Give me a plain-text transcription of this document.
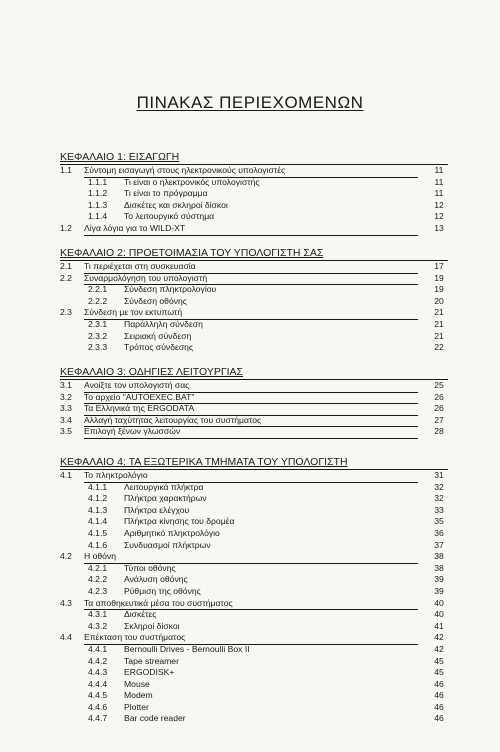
ΠΙΝΑΚΑΣ ΠΕΡΙΕΧΟΜΕΝΩΝ
ΚΕΦΑΛΑΙΟ 1: ΕΙΣΑΓΩΓΗ
1.1 Σύντομη εισαγωγή στους ηλεκτρονικούς υπολογιστές	11
1.1.1 Τι είναι ο ηλεκτρονικός υπολογιστής	11
1.1.2 Τι είναι το πρόγραμμα	11
1.1.3 Δισκέτες και σκληροί δίσκοι	12
1.1.4 Το λειτουργικό σύστημα	12
1.2 Λίγα λόγια για το WILD-XT	13
ΚΕΦΑΛΑΙΟ 2: ΠΡΟΕΤΟΙΜΑΣΙΑ ΤΟΥ ΥΠΟΛΟΓΙΣΤΗ ΣΑΣ
2.1 Τι περιέχεται στη συσκευασία	17
2.2 Συναρμολόγηση του υπολογιστή	19
2.2.1 Σύνδεση πληκτρολογίου	19
2.2.2 Σύνδεση οθόνης	20
2.3 Σύνδεση με τον εκτυπωτή	21
2.3.1 Παράλληλη σύνδεση	21
2.3.2 Σειριακή σύνδεση	21
2.3.3 Τρόπος σύνδεσης	22
ΚΕΦΑΛΑΙΟ 3: ΟΔΗΓΙΕΣ ΛΕΙΤΟΥΡΓΙΑΣ
3.1 Ανοίξτε τον υπολογιστή σας	25
3.2 Το αρχείο "AUTOEXEC.BAT"	26
3.3 Τα Ελληνικά της ERGODATA	26
3.4 Αλλαγή ταχύτητας λειτουργίας του συστήματος	27
3.5 Επιλογή ξένων γλωσσών	28
ΚΕΦΑΛΑΙΟ 4: ΤΑ ΕΞΩΤΕΡΙΚΑ ΤΜΗΜΑΤΑ ΤΟΥ ΥΠΟΛΟΓΙΣΤΗ
4.1 Το πληκτρολόγιο	31
4.1.1 Λειτουργικά πλήκτρα	32
4.1.2 Πλήκτρα χαρακτήρων	32
4.1.3 Πλήκτρα ελέγχου	33
4.1.4 Πλήκτρα κίνησης του δρομέα	35
4.1.5 Αριθμητικό πληκτρολόγιο	36
4.1.6 Συνδυασμοί πλήκτρων	37
4.2 Η οθόνη	38
4.2.1 Τύποι οθόνης	38
4.2.2 Ανάλυση οθόνης	39
4.2.3 Ρύθμιση της οθόνης	39
4.3 Τα αποθηκευτικά μέσα του συστήματος	40
4.3.1 Δισκέτες	40
4.3.2 Σκληροί δίσκοι	41
4.4 Επέκταση του συστήματος	42
4.4.1 Bernoulli Drives - Bernoulli Box II	42
4.4.2 Tape streamer	45
4.4.3 ERGODISK+	45
4.4.4 Mouse	46
4.4.5 Modem	46
4.4.6 Plotter	46
4.4.7 Bar code reader	46
